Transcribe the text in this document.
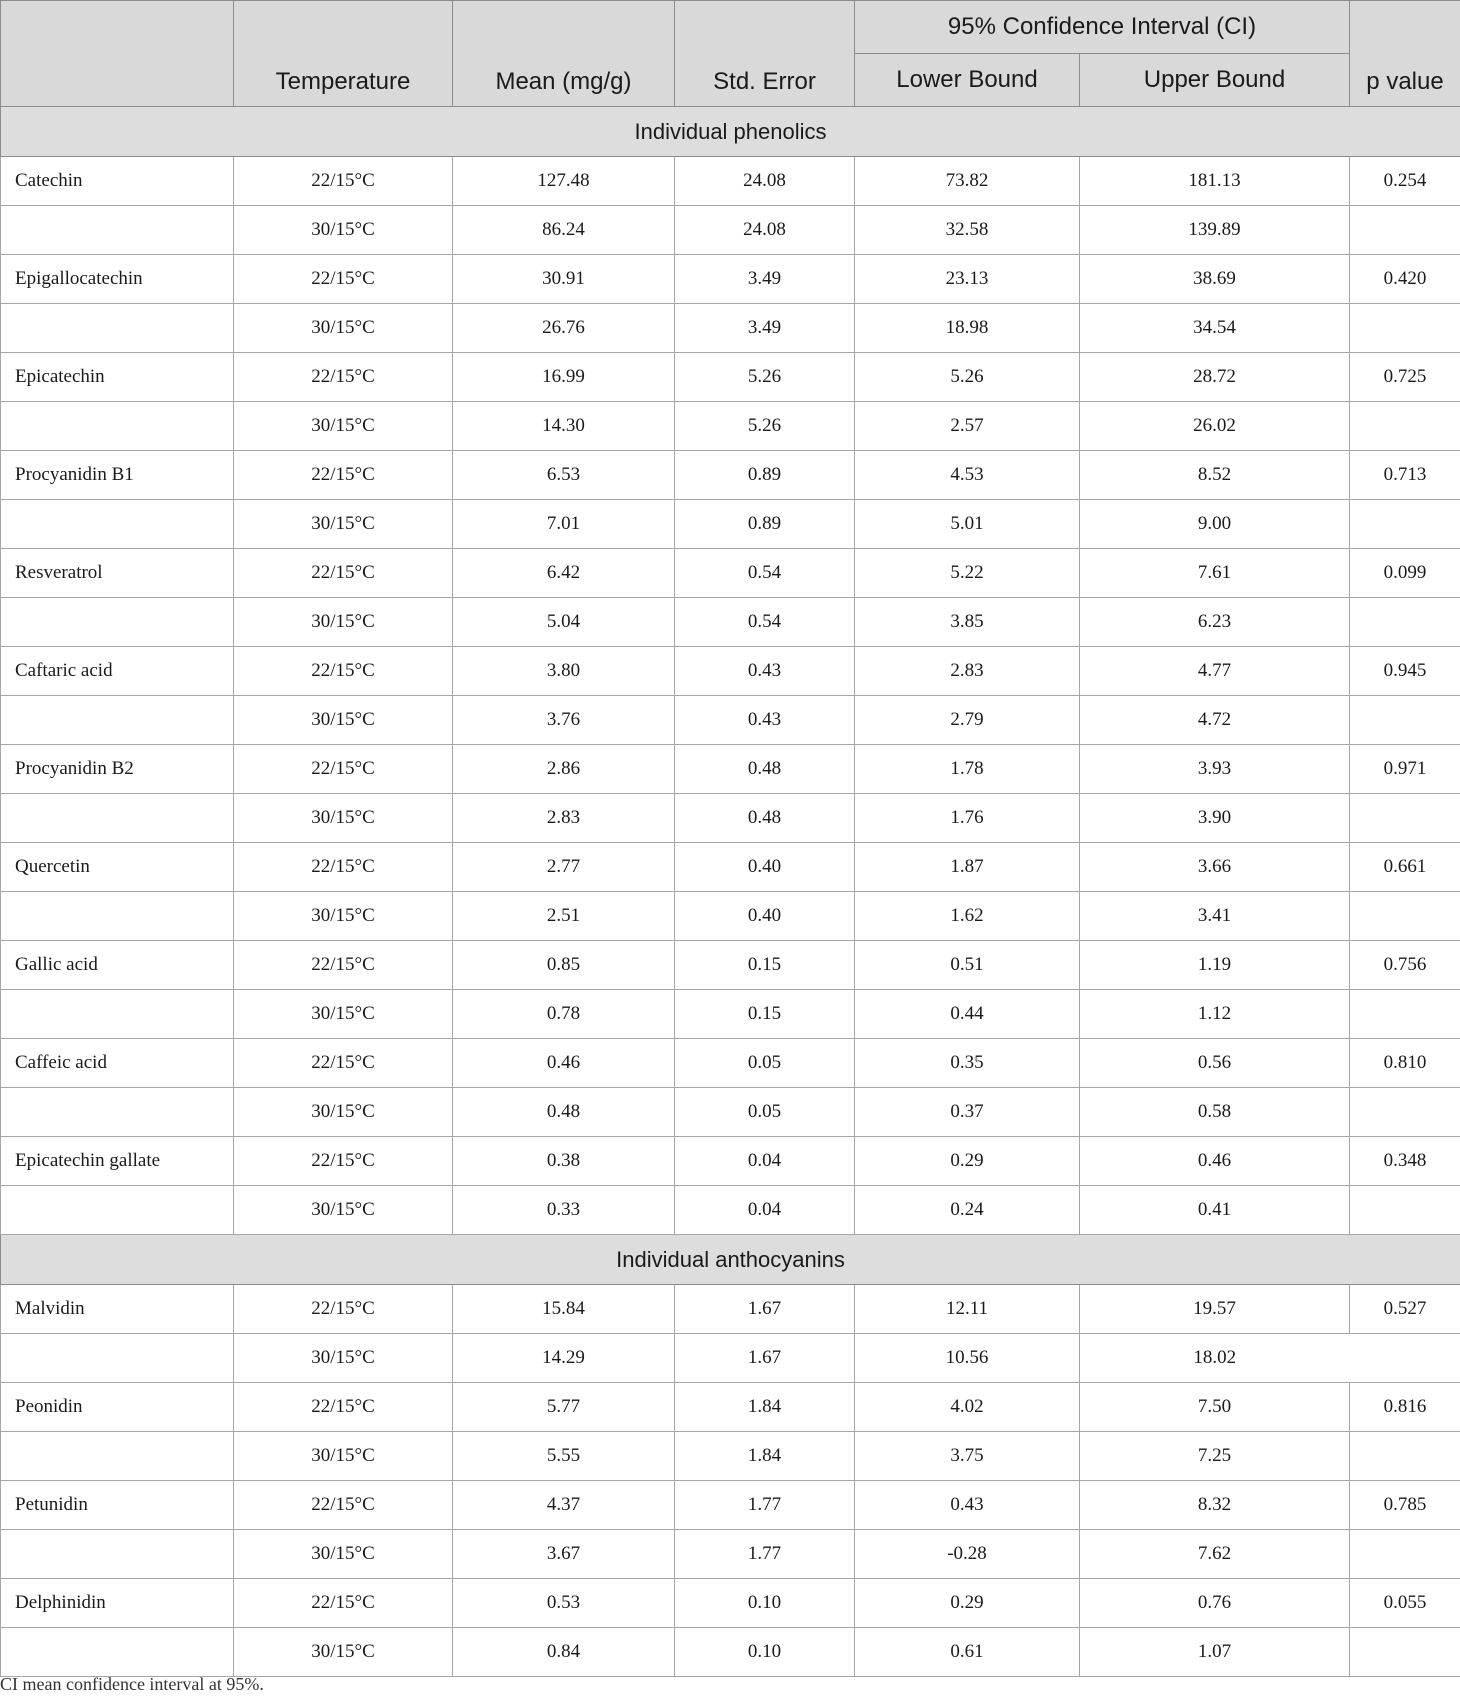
	Temperature	Mean (mg/g)	Std. Error	95% Confidence Interval (CI)		p value
				Lower Bound	Upper Bound	
Individual phenolics						
Catechin	22/15°C	127.48	24.08	73.82	181.13	0.254
	30/15°C	86.24	24.08	32.58	139.89	
Epigallocatechin	22/15°C	30.91	3.49	23.13	38.69	0.420
	30/15°C	26.76	3.49	18.98	34.54	
Epicatechin	22/15°C	16.99	5.26	5.26	28.72	0.725
	30/15°C	14.30	5.26	2.57	26.02	
Procyanidin B1	22/15°C	6.53	0.89	4.53	8.52	0.713
	30/15°C	7.01	0.89	5.01	9.00	
Resveratrol	22/15°C	6.42	0.54	5.22	7.61	0.099
	30/15°C	5.04	0.54	3.85	6.23	
Caftaric acid	22/15°C	3.80	0.43	2.83	4.77	0.945
	30/15°C	3.76	0.43	2.79	4.72	
Procyanidin B2	22/15°C	2.86	0.48	1.78	3.93	0.971
	30/15°C	2.83	0.48	1.76	3.90	
Quercetin	22/15°C	2.77	0.40	1.87	3.66	0.661
	30/15°C	2.51	0.40	1.62	3.41	
Gallic acid	22/15°C	0.85	0.15	0.51	1.19	0.756
	30/15°C	0.78	0.15	0.44	1.12	
Caffeic acid	22/15°C	0.46	0.05	0.35	0.56	0.810
	30/15°C	0.48	0.05	0.37	0.58	
Epicatechin gallate	22/15°C	0.38	0.04	0.29	0.46	0.348
	30/15°C	0.33	0.04	0.24	0.41	
Individual anthocyanins						
Malvidin	22/15°C	15.84	1.67	12.11	19.57	0.527
	30/15°C	14.29	1.67	10.56	18.02	
Peonidin	22/15°C	5.77	1.84	4.02	7.50	0.816
	30/15°C	5.55	1.84	3.75	7.25	
Petunidin	22/15°C	4.37	1.77	0.43	8.32	0.785
	30/15°C	3.67	1.77	-0.28	7.62	
Delphinidin	22/15°C	0.53	0.10	0.29	0.76	0.055
	30/15°C	0.84	0.10	0.61	1.07	
CI mean confidence interval at 95%.
